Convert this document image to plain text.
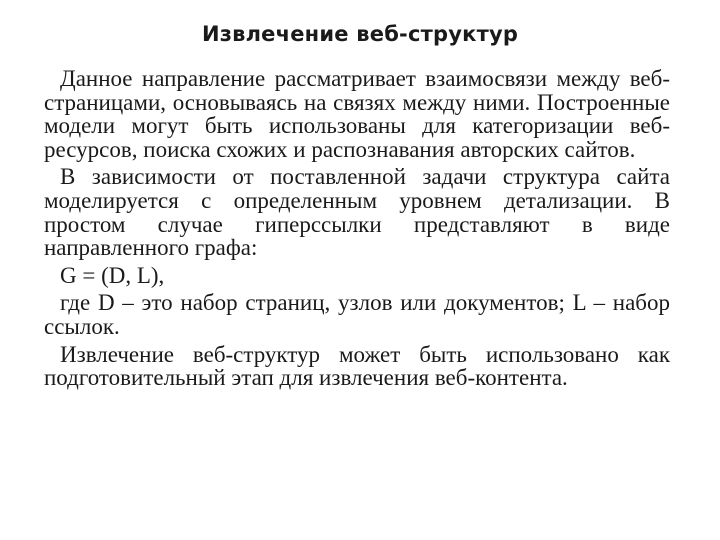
Извлечение веб-структур

Данное направление рассматривает взаимосвязи между веб-страницами, основываясь на связях между ними. Построенные модели могут быть использованы для категоризации веб-ресурсов, поиска схожих и распознавания авторских сайтов.

В зависимости от поставленной задачи структура сайта моделируется с определенным уровнем детализации. В простом случае гиперссылки представляют в виде направленного графа:

G = (D, L),

где D – это набор страниц, узлов или документов; L – набор ссылок.

Извлечение веб-структур может быть использовано как подготовительный этап для извлечения веб-контента.
